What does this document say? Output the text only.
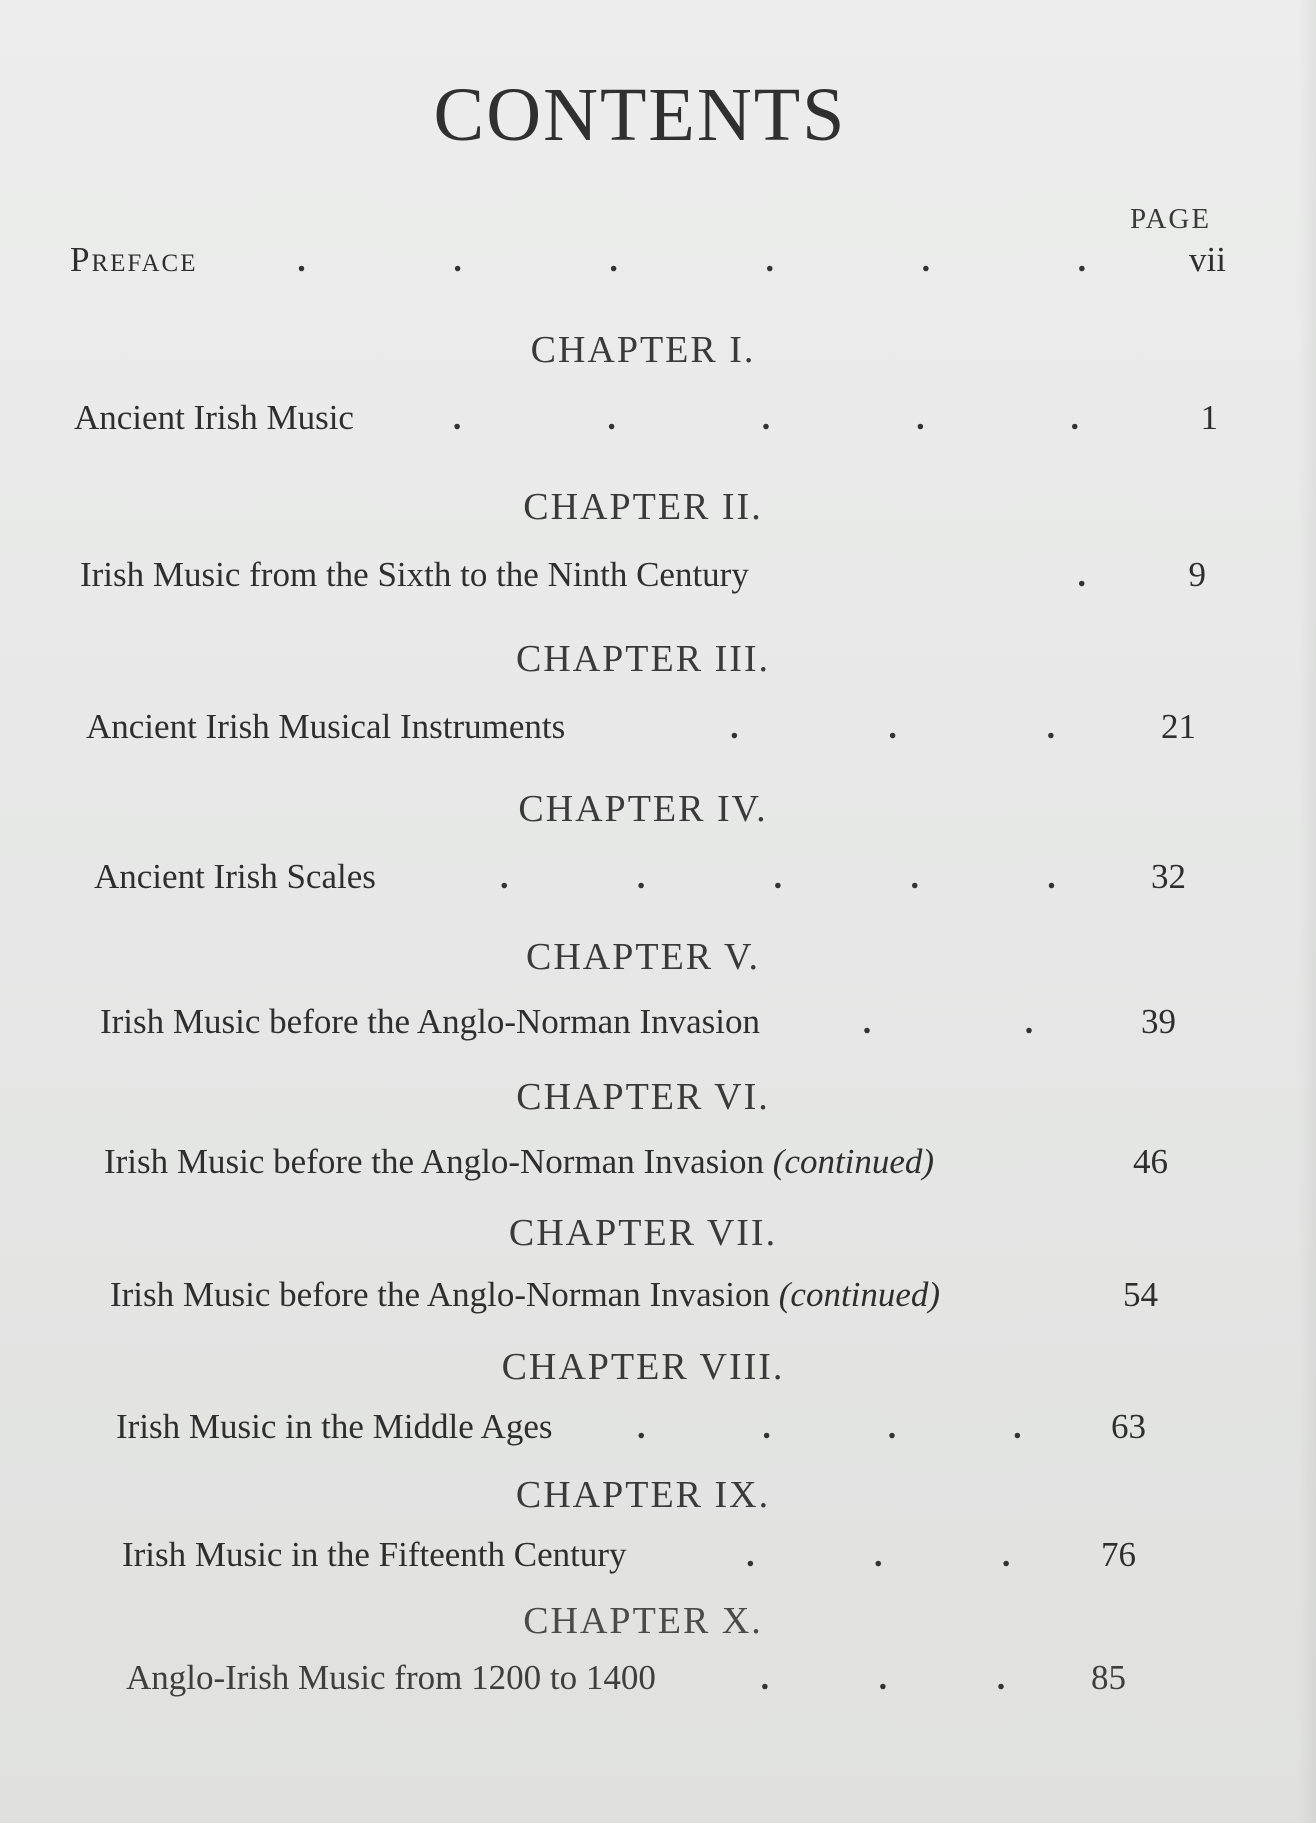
CONTENTS
PAGE
Preface	.	.	.	.	.	.	vii
CHAPTER I.
Ancient Irish Music	.	.	.	.	.	1
CHAPTER II.
Irish Music from the Sixth to the Ninth Century	.	9
CHAPTER III.
Ancient Irish Musical Instruments	.	.	.	21
CHAPTER IV.
Ancient Irish Scales	.	.	.	.	.	32
CHAPTER V.
Irish Music before the Anglo-Norman Invasion	.	.	39
CHAPTER VI.
Irish Music before the Anglo-Norman Invasion (continued)	46
CHAPTER VII.
Irish Music before the Anglo-Norman Invasion (continued)	54
CHAPTER VIII.
Irish Music in the Middle Ages .	.	.	.	63
CHAPTER IX.
Irish Music in the Fifteenth Century	.	.	.	76
CHAPTER X.
Anglo-Irish Music from 1200 to 1400	.	.	. 85
